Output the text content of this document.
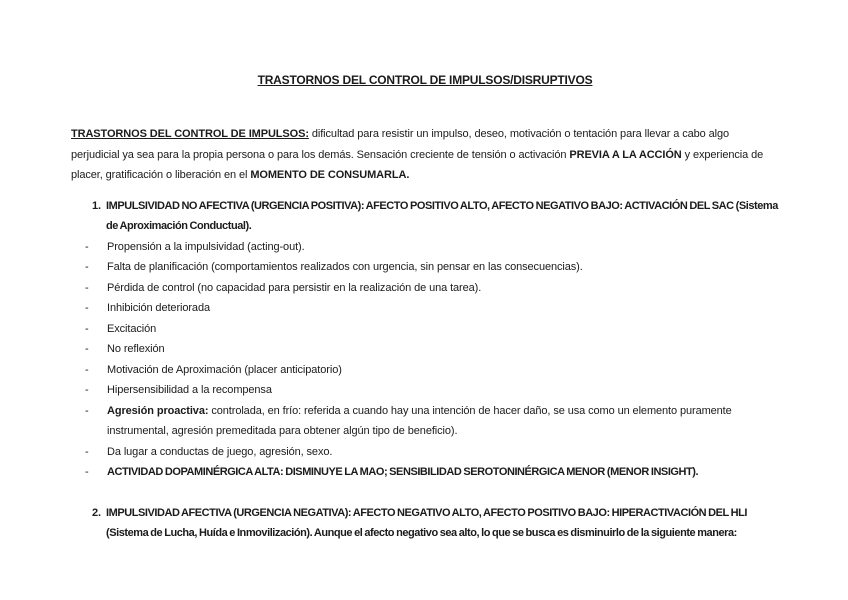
TRASTORNOS DEL CONTROL DE IMPULSOS/DISRUPTIVOS

TRASTORNOS DEL CONTROL DE IMPULSOS: dificultad para resistir un impulso, deseo, motivación o tentación para llevar a cabo algo perjudicial ya sea para la propia persona o para los demás. Sensación creciente de tensión o activación PREVIA A LA ACCIÓN y experiencia de placer, gratificación o liberación en el MOMENTO DE CONSUMARLA.

1. IMPULSIVIDAD NO AFECTIVA (URGENCIA POSITIVA): AFECTO POSITIVO ALTO, AFECTO NEGATIVO BAJO: ACTIVACIÓN DEL SAC (Sistema de Aproximación Conductual).
- Propensión a la impulsividad (acting-out).
- Falta de planificación (comportamientos realizados con urgencia, sin pensar en las consecuencias).
- Pérdida de control (no capacidad para persistir en la realización de una tarea).
- Inhibición deteriorada
- Excitación
- No reflexión
- Motivación de Aproximación (placer anticipatorio)
- Hipersensibilidad a la recompensa
- Agresión proactiva: controlada, en frío: referida a cuando hay una intención de hacer daño, se usa como un elemento puramente instrumental, agresión premeditada para obtener algún tipo de beneficio).
- Da lugar a conductas de juego, agresión, sexo.
- ACTIVIDAD DOPAMINÉRGICA ALTA: DISMINUYE LA MAO; SENSIBILIDAD SEROTONINÉRGICA MENOR (MENOR INSIGHT).
2. IMPULSIVIDAD AFECTIVA (URGENCIA NEGATIVA): AFECTO NEGATIVO ALTO, AFECTO POSITIVO BAJO: HIPERACTIVACIÓN DEL HLI (Sistema de Lucha, Huída e Inmovilización). Aunque el afecto negativo sea alto, lo que se busca es disminuirlo de la siguiente manera:
